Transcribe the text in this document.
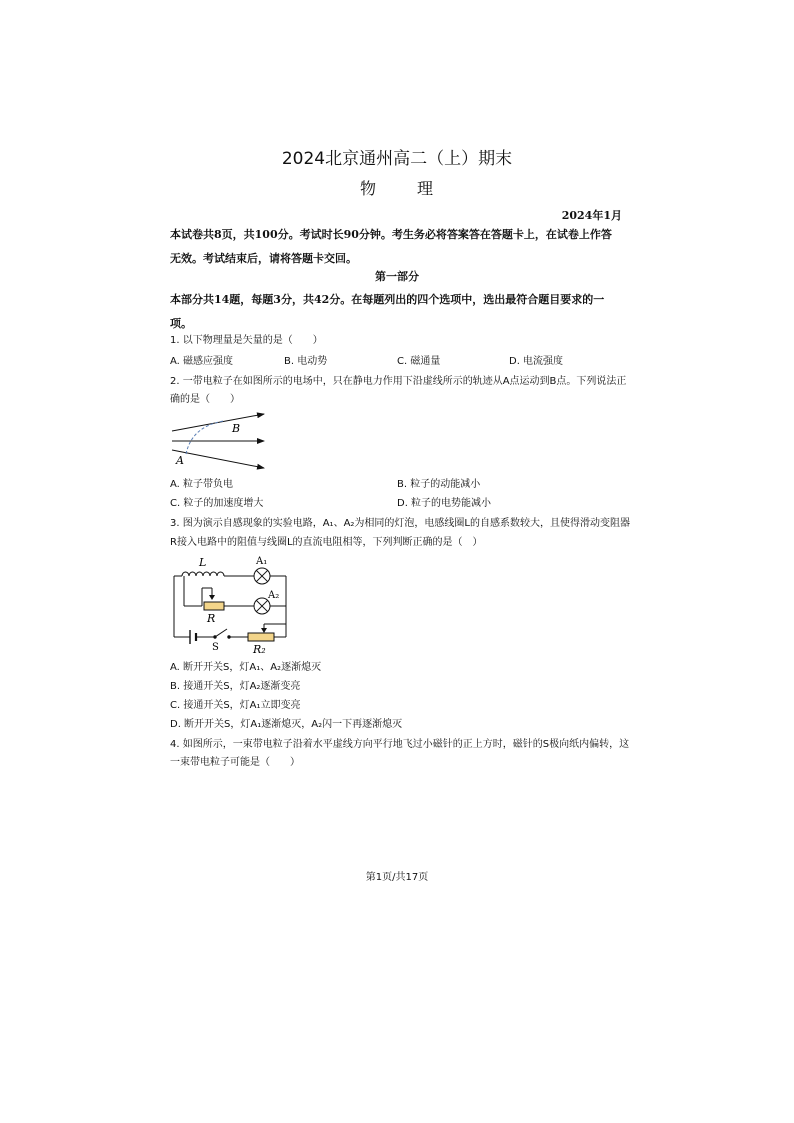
2024北京通州高二（上）期末
物	理
2024年1月
本试卷共8页，共100分。考试时长90分钟。考生务必将答案答在答题卡上，在试卷上作答
无效。考试结束后，请将答题卡交回。
第一部分
本部分共14题，每题3分，共42分。在每题列出的四个选项中，选出最符合题目要求的一
项。
1. 以下物理量是矢量的是（　　）
A. 磁感应强度	B. 电动势	C. 磁通量	D. 电流强度
2. 一带电粒子在如图所示的电场中，只在静电力作用下沿虚线所示的轨迹从A点运动到B点。下列说法正
确的是（　　）
A
B
A. 粒子带负电	B. 粒子的动能减小
C. 粒子的加速度增大	D. 粒子的电势能减小
3. 图为演示自感现象的实验电路，A₁、A₂为相同的灯泡，电感线圈L的自感系数较大，且使得滑动变阻器
R接入电路中的阻值与线圈L的直流电阻相等，下列判断正确的是（　）
L	A₁
A₂
R
S	R₂
A. 断开开关S，灯A₁、A₂逐渐熄灭
B. 接通开关S，灯A₂逐渐变亮
C. 接通开关S，灯A₁立即变亮
D. 断开开关S，灯A₁逐渐熄灭，A₂闪一下再逐渐熄灭
4. 如图所示，一束带电粒子沿着水平虚线方向平行地飞过小磁针的正上方时，磁针的S极向纸内偏转，这
一束带电粒子可能是（　　）
第1页/共17页
